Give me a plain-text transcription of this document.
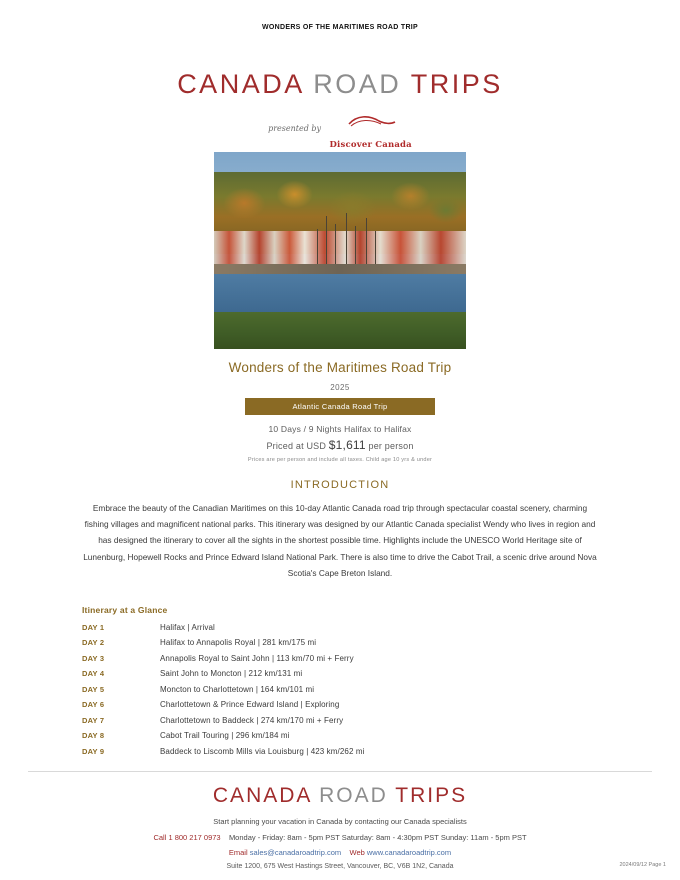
WONDERS OF THE MARITIMES ROAD TRIP
CANADA ROAD TRIPS
$^{presented by}$
Discover Canada
Wonders of the Maritimes Road Trip
2025
Atlantic Canada Road Trip
10 Days / 9 Nights Halifax to Halifax
Priced at USD $1,611 per person
Prices are per person and include all taxes. Child age 10 yrs & under
INTRODUCTION
Embrace the beauty of the Canadian Maritimes on this 10-day Atlantic Canada road trip through spectacular coastal scenery, charming fishing villages and magnificent national parks. This itinerary was designed by our Atlantic Canada specialist Wendy who lives in region and has designed the itinerary to cover all the sights in the shortest possible time. Highlights include the UNESCO World Heritage site of Lunenburg, Hopewell Rocks and Prince Edward Island National Park. There is also time to drive the Cabot Trail, a scenic drive around Nova Scotia's Cape Breton Island.
Itinerary at a Glance
DAY 1	Halifax | Arrival
DAY 2	Halifax to Annapolis Royal | 281 km/175 mi
DAY 3	Annapolis Royal to Saint John | 113 km/70 mi + Ferry
DAY 4	Saint John to Moncton | 212 km/131 mi
DAY 5	Moncton to Charlottetown | 164 km/101 mi
DAY 6	Charlottetown & Prince Edward Island | Exploring
DAY 7	Charlottetown to Baddeck | 274 km/170 mi + Ferry
DAY 8	Cabot Trail Touring | 296 km/184 mi
DAY 9	Baddeck to Liscomb Mills via Louisburg | 423 km/262 mi
CANADA ROAD TRIPS
Start planning your vacation in Canada by contacting our Canada specialists
Call 1 800 217 0973 Monday - Friday: 8am - 5pm PST Saturday: 8am - 4:30pm PST Sunday: 11am - 5pm PST
Email sales@canadaroadtrip.com Web www.canadaroadtrip.com
Suite 1200, 675 West Hastings Street, Vancouver, BC, V6B 1N2, Canada	2024/09/12 Page 1
